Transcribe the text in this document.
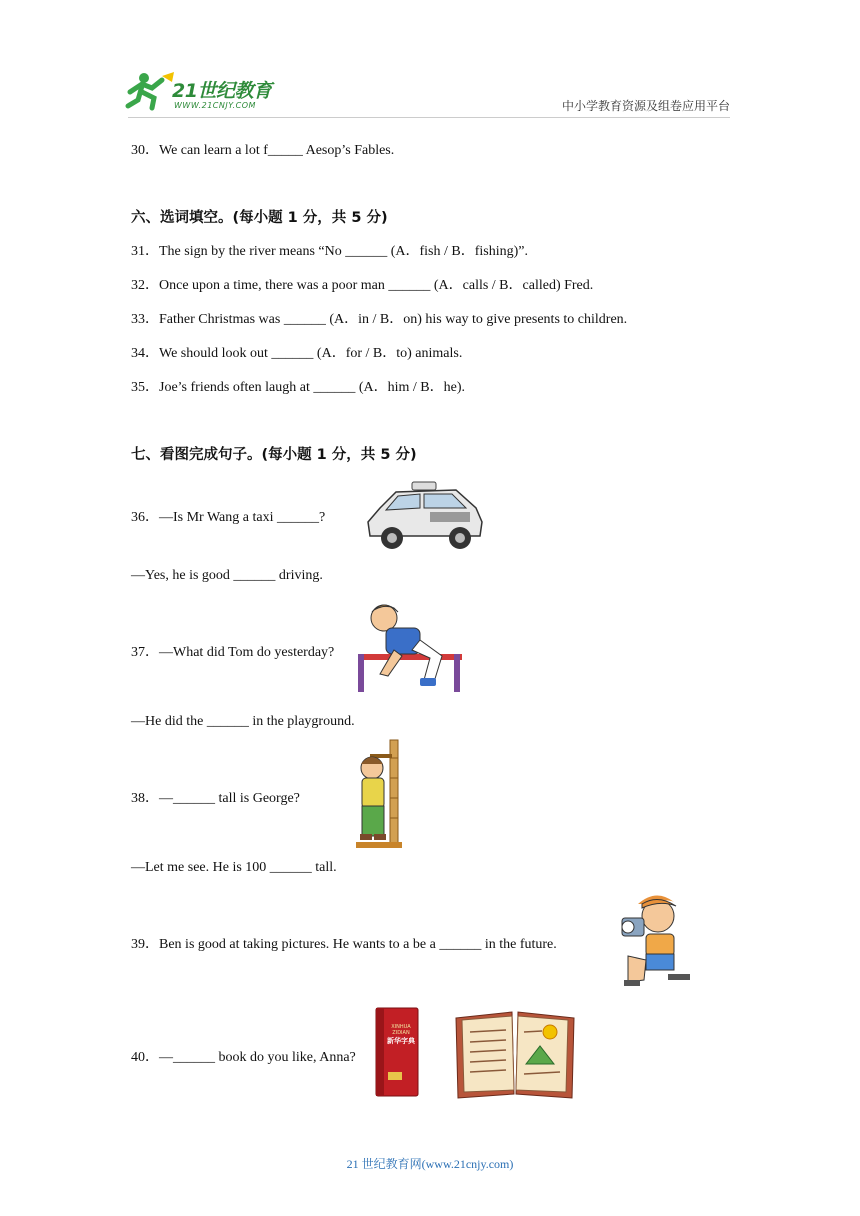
21世纪教育
WWW.21CNJY.COM	中小学教育资源及组卷应用平台
30．We can learn a lot f_____ Aesop’s Fables.
六、选词填空。(每小题 1 分，共 5 分)
31．The sign by the river means “No ______ (A．fish / B．fishing)”.
32．Once upon a time, there was a poor man ______ (A．calls / B．called) Fred.
33．Father Christmas was ______ (A．in / B．on) his way to give presents to children.
34．We should look out ______ (A．for / B．to) animals.
35．Joe’s friends often laugh at ______ (A．him / B．he).
七、看图完成句子。(每小题 1 分，共 5 分)
36．—Is Mr Wang a taxi ______?
—Yes, he is good ______ driving.
37．—What did Tom do yesterday?
—He did the ______ in the playground.
38．—______ tall is George?
—Let me see. He is 100 ______ tall.
39．Ben is good at taking pictures. He wants to a be a ______ in the future.
40．—______ book do you like, Anna?
XINHUA ZIDIAN
新华字典
21 世纪教育网(www.21cnjy.com)
